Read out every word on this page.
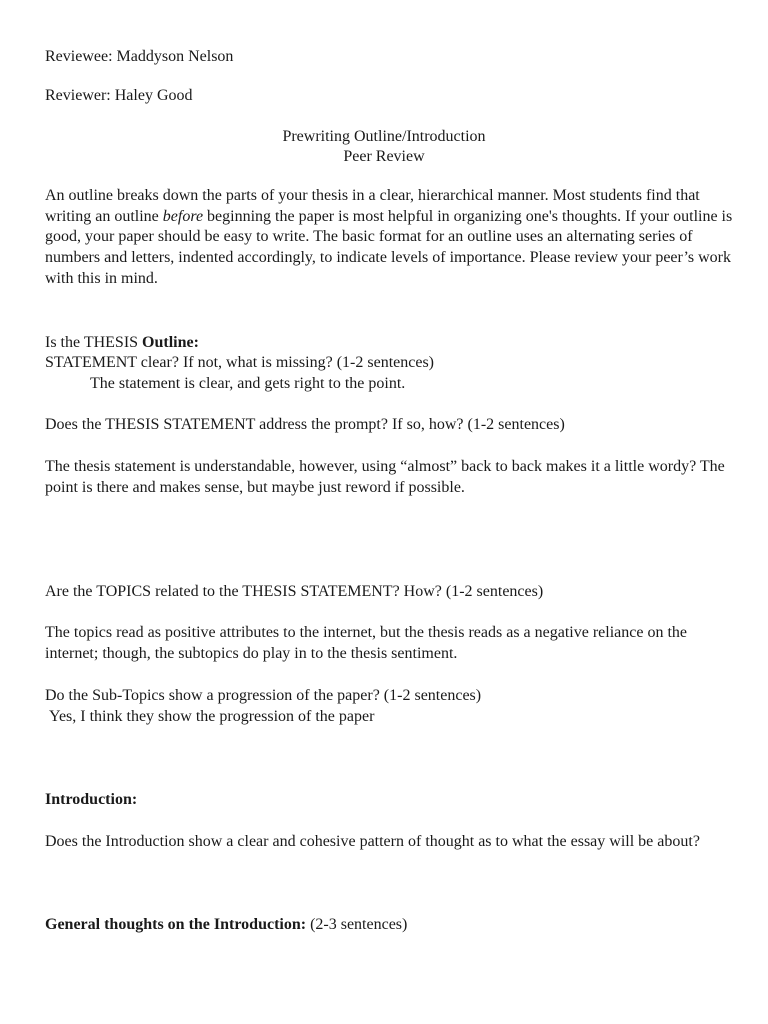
Reviewee: Maddyson Nelson

Reviewer: Haley Good

Prewriting Outline/Introduction

Peer Review

An outline breaks down the parts of your thesis in a clear, hierarchical manner. Most students find that writing an outline before beginning the paper is most helpful in organizing one's thoughts. If your outline is good, your paper should be easy to write. The basic format for an outline uses an alternating series of numbers and letters, indented accordingly, to indicate levels of importance. Please review your peer’s work with this in mind.

Is the THESIS Outline:

STATEMENT clear? If not, what is missing? (1-2 sentences)

The statement is clear, and gets right to the point.

Does the THESIS STATEMENT address the prompt? If so, how? (1-2 sentences)

The thesis statement is understandable, however, using “almost” back to back makes it a little wordy? The point is there and makes sense, but maybe just reword if possible.

Are the TOPICS related to the THESIS STATEMENT? How? (1-2 sentences)

The topics read as positive attributes to the internet, but the thesis reads as a negative reliance on the internet; though, the subtopics do play in to the thesis sentiment.

Do the Sub-Topics show a progression of the paper? (1-2 sentences)

Yes, I think they show the progression of the paper

Introduction:

Does the Introduction show a clear and cohesive pattern of thought as to what the essay will be about?

General thoughts on the Introduction: (2-3 sentences)
